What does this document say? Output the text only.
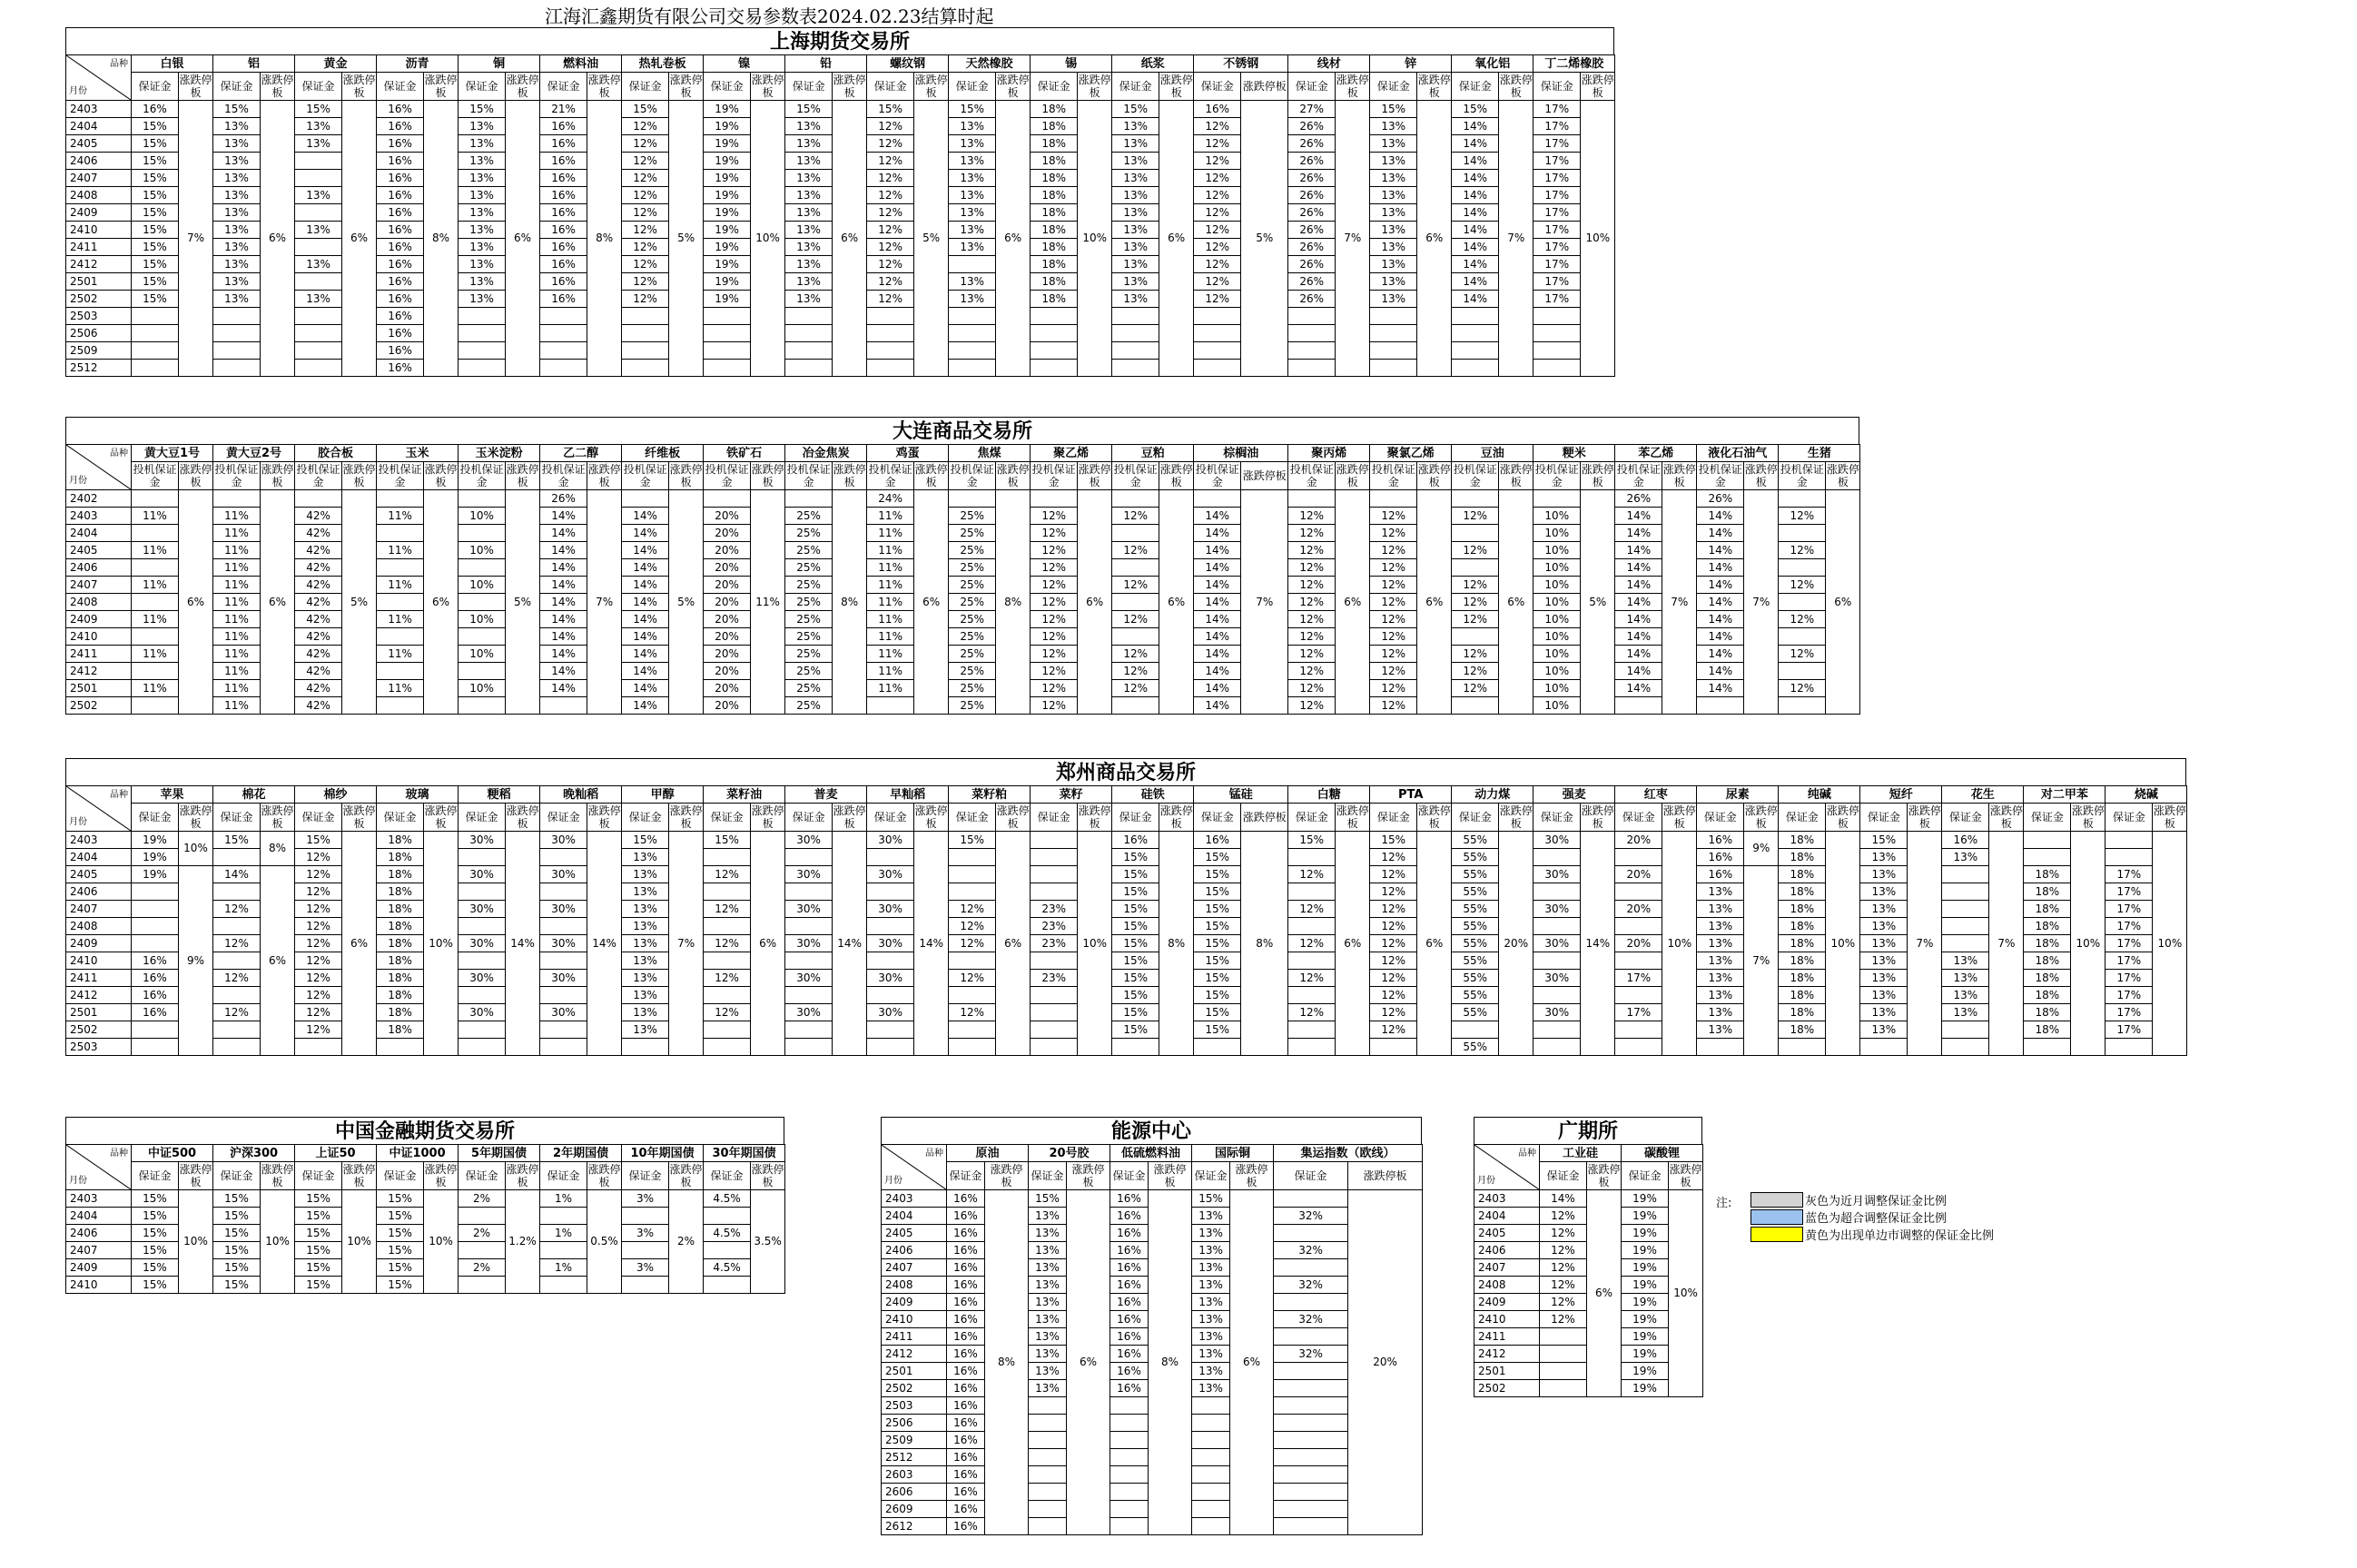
江海汇鑫期货有限公司交易参数表2024.02.23结算时起
上海期货交易所
品种
月份	白银		铝		黄金		沥青		铜		燃料油		热轧卷板		镍		铅		螺纹钢		天然橡胶		锡		纸浆		不锈钢		线材		锌		氧化铝		丁二烯橡胶	
	保证金	涨跌停板	保证金	涨跌停板	保证金	涨跌停板	保证金	涨跌停板	保证金	涨跌停板	保证金	涨跌停板	保证金	涨跌停板	保证金	涨跌停板	保证金	涨跌停板	保证金	涨跌停板	保证金	涨跌停板	保证金	涨跌停板	保证金	涨跌停板	保证金	涨跌停板	保证金	涨跌停板	保证金	涨跌停板	保证金	涨跌停板	保证金	涨跌停板
2403	16%	7%	15%	6%	15%	6%	16%	8%	15%	6%	21%	8%	15%	5%	19%	10%	15%	6%	15%	5%	15%	6%	18%	10%	15%	6%	16%	5%	27%	7%	15%	6%	15%	7%	17%	10%
2404	15%		13%		13%		16%		13%		16%		12%		19%		13%		12%		13%		18%		13%		12%		26%		13%		14%		17%	
2405	15%		13%		13%		16%		13%		16%		12%		19%		13%		12%		13%		18%		13%		12%		26%		13%		14%		17%	
2406	15%		13%				16%		13%		16%		12%		19%		13%		12%		13%		18%		13%		12%		26%		13%		14%		17%	
2407	15%		13%				16%		13%		16%		12%		19%		13%		12%		13%		18%		13%		12%		26%		13%		14%		17%	
2408	15%		13%		13%		16%		13%		16%		12%		19%		13%		12%		13%		18%		13%		12%		26%		13%		14%		17%	
2409	15%		13%				16%		13%		16%		12%		19%		13%		12%		13%		18%		13%		12%		26%		13%		14%		17%	
2410	15%		13%		13%		16%		13%		16%		12%		19%		13%		12%		13%		18%		13%		12%		26%		13%		14%		17%	
2411	15%		13%				16%		13%		16%		12%		19%		13%		12%		13%		18%		13%		12%		26%		13%		14%		17%	
2412	15%		13%		13%		16%		13%		16%		12%		19%		13%		12%				18%		13%		12%		26%		13%		14%		17%	
2501	15%		13%				16%		13%		16%		12%		19%		13%		12%		13%		18%		13%		12%		26%		13%		14%		17%	
2502	15%		13%		13%		16%		13%		16%		12%		19%		13%		12%		13%		18%		13%		12%		26%		13%		14%		17%	
2503							16%																													
2506							16%																													
2509							16%																													
2512							16%																													
大连商品交易所
品种
月份	黄大豆1号		黄大豆2号		胶合板		玉米		玉米淀粉		乙二醇		纤维板		铁矿石		冶金焦炭		鸡蛋		焦煤		聚乙烯		豆粕		棕榈油		聚丙烯		聚氯乙烯		豆油		粳米		苯乙烯		液化石油气		生猪	
	投机保证金	涨跌停板	投机保证金	涨跌停板	投机保证金	涨跌停板	投机保证金	涨跌停板	投机保证金	涨跌停板	投机保证金	涨跌停板	投机保证金	涨跌停板	投机保证金	涨跌停板	投机保证金	涨跌停板	投机保证金	涨跌停板	投机保证金	涨跌停板	投机保证金	涨跌停板	投机保证金	涨跌停板	投机保证金	涨跌停板	投机保证金	涨跌停板	投机保证金	涨跌停板	投机保证金	涨跌停板	投机保证金	涨跌停板	投机保证金	涨跌停板	投机保证金	涨跌停板	投机保证金	涨跌停板
2402		6%		6%		5%		6%		5%	26%	7%		5%		11%		8%	24%	6%		8%		6%		6%		7%		6%		6%		6%		5%	26%	7%	26%	7%		6%
2403	11%		11%		42%		11%		10%		14%		14%		20%		25%		11%		25%		12%		12%		14%		12%		12%		12%		10%		14%		14%		12%	
2404			11%		42%						14%		14%		20%		25%		11%		25%		12%				14%		12%		12%				10%		14%		14%			
2405	11%		11%		42%		11%		10%		14%		14%		20%		25%		11%		25%		12%		12%		14%		12%		12%		12%		10%		14%		14%		12%	
2406			11%		42%						14%		14%		20%		25%		11%		25%		12%				14%		12%		12%				10%		14%		14%			
2407	11%		11%		42%		11%		10%		14%		14%		20%		25%		11%		25%		12%		12%		14%		12%		12%		12%		10%		14%		14%		12%	
2408			11%		42%						14%		14%		20%		25%		11%		25%		12%				14%		12%		12%		12%		10%		14%		14%			
2409	11%		11%		42%		11%		10%		14%		14%		20%		25%		11%		25%		12%		12%		14%		12%		12%		12%		10%		14%		14%		12%	
2410			11%		42%						14%		14%		20%		25%		11%		25%		12%				14%		12%		12%				10%		14%		14%			
2411	11%		11%		42%		11%		10%		14%		14%		20%		25%		11%		25%		12%		12%		14%		12%		12%		12%		10%		14%		14%		12%	
2412			11%		42%						14%		14%		20%		25%		11%		25%		12%		12%		14%		12%		12%		12%		10%		14%		14%			
2501	11%		11%		42%		11%		10%		14%		14%		20%		25%		11%		25%		12%		12%		14%		12%		12%		12%		10%		14%		14%		12%	
2502			11%		42%								14%		20%		25%				25%		12%				14%		12%		12%				10%							
郑州商品交易所
品种
月份	苹果		棉花		棉纱		玻璃		粳稻		晚籼稻		甲醇		菜籽油		普麦		早籼稻		菜籽粕		菜籽		硅铁		锰硅		白糖		PTA		动力煤		强麦		红枣		尿素		纯碱		短纤		花生		对二甲苯		烧碱	
	保证金	涨跌停板	保证金	涨跌停板	保证金	涨跌停板	保证金	涨跌停板	保证金	涨跌停板	保证金	涨跌停板	保证金	涨跌停板	保证金	涨跌停板	保证金	涨跌停板	保证金	涨跌停板	保证金	涨跌停板	保证金	涨跌停板	保证金	涨跌停板	保证金	涨跌停板	保证金	涨跌停板	保证金	涨跌停板	保证金	涨跌停板	保证金	涨跌停板	保证金	涨跌停板	保证金	涨跌停板	保证金	涨跌停板	保证金	涨跌停板	保证金	涨跌停板	保证金	涨跌停板	保证金	涨跌停板
2403	19%	10%	15%	8%	15%	6%	18%	10%	30%	14%	30%	14%	15%	7%	15%	6%	30%	14%	30%	14%	15%	6%		10%	16%	8%	16%	8%	15%	6%	15%	6%	55%	20%	30%	14%	20%	10%	16%	9%	18%	10%	15%	7%	16%	7%		10%		10%
2404	19%				12%		18%						13%												15%		15%				12%		55%						16%		18%		13%		13%					
2405	19%	9%	14%	6%	12%		18%		30%		30%		13%		12%		30%		30%						15%		15%		12%		12%		55%		30%		20%		16%	7%	18%		13%				18%		17%	
2406					12%		18%						13%												15%		15%				12%		55%						13%		18%		13%				18%		17%	
2407			12%		12%		18%		30%		30%		13%		12%		30%		30%		12%		23%		15%		15%		12%		12%		55%		30%		20%		13%		18%		13%				18%		17%	
2408					12%		18%						13%								12%		23%		15%		15%				12%		55%						13%		18%		13%				18%		17%	
2409			12%		12%		18%		30%		30%		13%		12%		30%		30%		12%		23%		15%		15%		12%		12%		55%		30%		20%		13%		18%		13%				18%		17%	
2410	16%				12%		18%						13%												15%		15%				12%		55%						13%		18%		13%		13%		18%		17%	
2411	16%		12%		12%		18%		30%		30%		13%		12%		30%		30%		12%		23%		15%		15%		12%		12%		55%		30%		17%		13%		18%		13%		13%		18%		17%	
2412	16%				12%		18%						13%												15%		15%				12%		55%						13%		18%		13%		13%		18%		17%	
2501	16%		12%		12%		18%		30%		30%		13%		12%		30%		30%		12%				15%		15%		12%		12%		55%		30%		17%		13%		18%		13%		13%		18%		17%	
2502					12%		18%						13%												15%		15%				12%								13%		18%		13%				18%		17%	
2503																																	55%																	
中国金融期货交易所
品种
月份	中证500		沪深300		上证50		中证1000		5年期国债		2年期国债		10年期国债		30年期国债	
	保证金	涨跌停板	保证金	涨跌停板	保证金	涨跌停板	保证金	涨跌停板	保证金	涨跌停板	保证金	涨跌停板	保证金	涨跌停板	保证金	涨跌停板
2403	15%	10%	15%	10%	15%	10%	15%	10%	2%	1.2%	1%	0.5%	3%	2%	4.5%	3.5%
2404	15%		15%		15%		15%									
2406	15%		15%		15%		15%		2%		1%		3%		4.5%	
2407	15%		15%		15%		15%									
2409	15%		15%		15%		15%		2%		1%		3%		4.5%	
2410	15%		15%		15%		15%									
能源中心
品种
月份	原油		20号胶		低硫燃料油		国际铜		集运指数（欧线）	
	保证金	涨跌停板	保证金	涨跌停板	保证金	涨跌停板	保证金	涨跌停板	保证金	涨跌停板
2403	16%	8%	15%	6%	16%	8%	15%	6%		20%
2404	16%		13%		16%		13%		32%	
2405	16%		13%		16%		13%			
2406	16%		13%		16%		13%		32%	
2407	16%		13%		16%		13%			
2408	16%		13%		16%		13%		32%	
2409	16%		13%		16%		13%			
2410	16%		13%		16%		13%		32%	
2411	16%		13%		16%		13%			
2412	16%		13%		16%		13%		32%	
2501	16%		13%		16%		13%			
2502	16%		13%		16%		13%			
2503	16%									
2506	16%									
2509	16%									
2512	16%									
2603	16%									
2606	16%									
2609	16%									
2612	16%									
广期所
品种
月份	工业硅		碳酸锂	
	保证金	涨跌停板	保证金	涨跌停板
2403	14%	6%	19%	10%
2404	12%		19%	
2405	12%		19%	
2406	12%		19%	
2407	12%		19%	
2408	12%		19%	
2409	12%		19%	
2410	12%		19%	
2411			19%	
2412			19%	
2501			19%	
2502			19%	
注:	灰色为近月调整保证金比例
蓝色为超合调整保证金比例
黄色为出现单边市调整的保证金比例
